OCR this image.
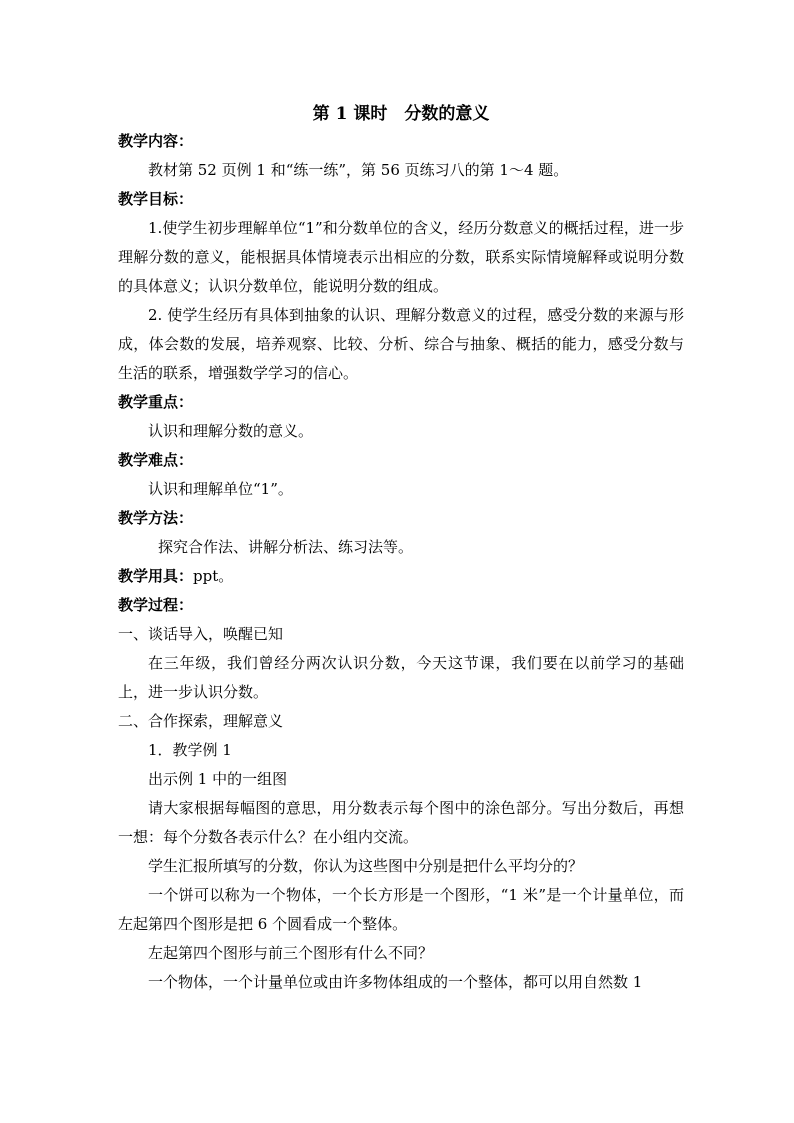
第 1 课时　分数的意义
教学内容：
教材第 52 页例 1 和“练一练”，第 56 页练习八的第 1～4 题。
教学目标：
1.使学生初步理解单位“1”和分数单位的含义，经历分数意义的概括过程，进一步理解分数的意义，能根据具体情境表示出相应的分数，联系实际情境解释或说明分数的具体意义；认识分数单位，能说明分数的组成。
2. 使学生经历有具体到抽象的认识、理解分数意义的过程，感受分数的来源与形成，体会数的发展，培养观察、比较、分析、综合与抽象、概括的能力，感受分数与生活的联系，增强数学学习的信心。
教学重点：
认识和理解分数的意义。
教学难点：
认识和理解单位“1”。
教学方法：
探究合作法、讲解分析法、练习法等。
教学用具：ppt。
教学过程：
一、谈话导入，唤醒已知
在三年级，我们曾经分两次认识分数，今天这节课，我们要在以前学习的基础上，进一步认识分数。
二、合作探索，理解意义
1．教学例 1
出示例 1 中的一组图
请大家根据每幅图的意思，用分数表示每个图中的涂色部分。写出分数后，再想一想：每个分数各表示什么？在小组内交流。
学生汇报所填写的分数，你认为这些图中分别是把什么平均分的？
一个饼可以称为一个物体，一个长方形是一个图形，“1 米”是一个计量单位，而左起第四个图形是把 6 个圆看成一个整体。
左起第四个图形与前三个图形有什么不同？
一个物体，一个计量单位或由许多物体组成的一个整体，都可以用自然数 1
